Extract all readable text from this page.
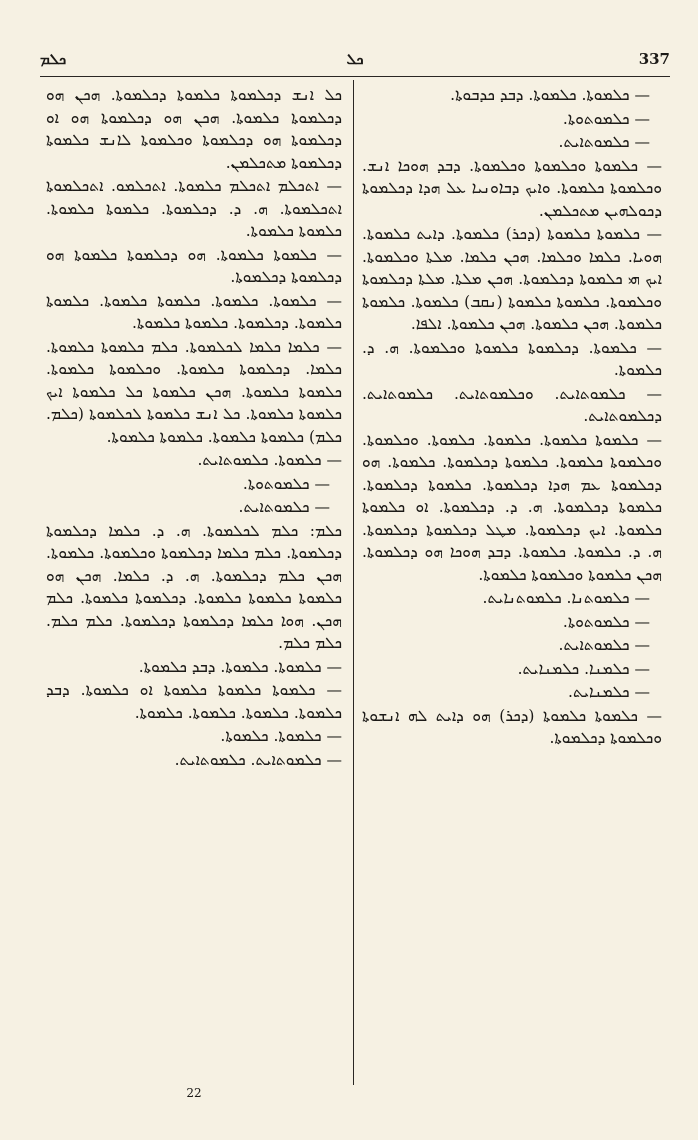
ܟܠܡ	ܟܠ	337

— ܟܠܡܘܬܐ. ܟܠܡܘܬܐ. ܕܒܕ ܟܕܒܘܬܐ.

— ܟܠܡܘܬܘܬܐ.

— ܟܠܡܘܬܐܝܬ.

— ܟܠܡܘܬܐ ܘܟܠܡܘܬܐ ܘܟܠܡܘܬܐ. ܕܒܕ ܗܘܟܐ ܐܢܫ. ܘܟܠܡܘܬܐ ܟܠܡܘܬܐ. ܘܐܝܟ ܕܒܐܘܢܝܐ ܥܠ ܗܕܐ ܕܟܠܡܘܬܐ ܕܟܘܠܗܝܢ ܡܬܟܠܡܢ.

— ܟܠܡܘܬܐ ܟܠܡܘܬܐ (ܕܟܪ) ܟܠܡܘܬܐ. ܕܐܝܬ ܟܠܡܘܬܐ. ܗܘܝܐ. ܟܠܡܐ ܘܟܠܡܐ. ܗܟܢ ܟܠܡܐ. ܡܠܬܐ ܘܟܠܡܘܬܐ. ܐܝܟ ܗܝ ܟܠܡܘܬܐ ܕܟܠܡܘܬܐ. ܗܟܢ ܡܠܬܐ. ܡܠܬܐ ܕܟܠܡܘܬܐ ܘܟܠܡܘܬܐ. ܟܠܡܘܬܐ ܟܠܡܘܬܐ (ܢܩܒ) ܟܠܡܘܬܐ. ܟܠܡܘܬܐ ܟܠܡܘܬܐ. ܗܟܢ ܟܠܡܘܬܐ. ܗܟܢ ܟܠܡܘܬܐ. ܐܠܦܐ.

— ܟܠܡܘܬܐ. ܕܟܠܡܘܬܐ ܟܠܡܘܬܐ ܘܟܠܡܘܬܐ. ܗ. ܕ. ܟܠܡܘܬܐ.

— ܟܠܡܘܬܐܝܬ. ܘܟܠܡܘܬܐܝܬ. ܟܠܡܘܬܐܝܬ. ܕܟܠܡܘܬܐܝܬ.

— ܟܠܡܘܬܐ ܟܠܡܘܬܐ. ܟܠܡܘܬܐ. ܟܠܡܘܬܐ. ܘܟܠܡܘܬܐ. ܘܟܠܡܘܬܐ ܟܠܡܘܬܐ. ܟܠܡܘܬܐ ܕܟܠܡܘܬܐ. ܟܠܡܘܬܐ. ܗܘ ܕܟܠܡܘܬܐ ܥܡ ܗܕܐ ܕܟܠܡܘܬܐ. ܟܠܡܘܬܐ ܕܟܠܡܘܬܐ. ܟܠܡܘܬܐ ܕܟܠܡܘܬܐ. ܗ. ܕ. ܕܟܠܡܘܬܐ. ܐܘ ܟܠܡܘܬܐ ܟܠܡܘܬܐ. ܐܝܟ ܕܟܠܡܘܬܐ. ܡܛܠ ܕܟܠܡܘܬܐ ܕܟܠܡܘܬܐ. ܗ. ܕ. ܟܠܡܘܬܐ. ܟܠܡܘܬܐ. ܕܒܕ ܗܘܟܐ ܗܘ ܕܟܠܡܘܬܐ. ܗܟܢ ܟܠܡܘܬܐ ܘܟܠܡܘܬܐ ܟܠܡܘܬܐ.

— ܟܠܡܘܬܢܐ. ܟܠܡܘܬܢܐܝܬ.

— ܟܠܡܘܬܘܬܐ.

— ܟܠܡܘܬܐܝܬ.

— ܟܠܡܢܐ. ܟܠܡܢܐܝܬ.

— ܟܠܡܢܐܝܬ.

— ܟܠܡܘܬܐ ܟܠܡܘܬܐ (ܕܟܪ) ܗܘ ܕܐܝܬ ܠܗ ܐܢܫܘܬܐ ܘܟܠܡܘܬܐ ܕܟܠܡܘܬܐ.

ܟܠ ܐܢܫ ܕܟܠܡܘܬܐ ܟܠܡܘܬܐ ܕܟܠܡܘܬܐ. ܗܟܢ ܗܘ ܕܟܠܡܘܬܐ ܟܠܡܘܬܐ. ܗܟܢ ܗܘ ܕܟܠܡܘܬܐ ܗܘ ܐܘ ܕܟܠܡܘܬܐ ܗܘ ܕܟܠܡܘܬܐ ܘܟܠܡܘܬܐ ܠܐܢܫ ܟܠܡܘܬܐ ܕܟܠܡܘܬܐ ܡܬܟܠܡܢ.

— ܐܬܟܠܡ ܐܬܟܠܡ ܟܠܡܘܬܐ. ܐܬܟܠܡܘ. ܐܬܟܠܡܘܬܐ ܐܬܟܠܡܘܬܐ. ܗ. ܕ. ܕܟܠܡܘܬܐ. ܟܠܡܘܬܐ ܟܠܡܘܬܐ. ܟܠܡܘܬܐ ܟܠܡܘܬܐ.

— ܟܠܡܘܬܐ ܟܠܡܘܬܐ. ܗܘ ܕܟܠܡܘܬܐ ܟܠܡܘܬܐ ܗܘ ܕܟܠܡܘܬܐ ܕܟܠܡܘܬܐ.

— ܟܠܡܘܬܐ. ܟܠܡܘܬܐ. ܟܠܡܘܬܐ ܟܠܡܘܬܐ. ܟܠܡܘܬܐ ܟܠܡܘܬܐ. ܕܟܠܡܘܬܐ. ܟܠܡܘܬܐ ܟܠܡܘܬܐ.

— ܟܠܡܐ ܟܠܡܐ ܠܟܠܡܘܬܐ. ܟܠܡ ܟܠܡܘܬܐ ܟܠܡܘܬܐ. ܟܠܡܐ. ܕܟܠܡܘܬܐ ܟܠܡܘܬܐ. ܘܟܠܡܘܬܐ ܟܠܡܘܬܐ. ܟܠܡܘܬܐ ܟܠܡܘܬܐ. ܗܟܢ ܟܠܡܘܬܐ ܟܠ ܟܠܡܘܬܐ ܐܝܟ ܟܠܡܘܬܐ ܟܠܡܘܬܐ. ܟܠ ܐܢܫ ܟܠܡܘܬܐ ܠܟܠܡܘܬܐ (ܟܠܡ. ܟܠܡ) ܟܠܡܘܬܐ ܟܠܡܘܬܐ. ܟܠܡܘܬܐ ܟܠܡܘܬܐ.

— ܟܠܡܘܬܐ. ܟܠܡܘܬܐܝܬ.

— ܟܠܡܘܬܘܬܐ.

— ܟܠܡܘܬܐܝܬ.

ܟܠܡ: ܟܠܡ ܠܟܠܡܘܬܐ. ܗ. ܕ. ܟܠܡܐ ܕܟܠܡܘܬܐ ܕܟܠܡܘܬܐ. ܟܠܡ ܟܠܡܐ ܕܟܠܡܘܬܐ ܘܟܠܡܘܬܐ. ܟܠܡܘܬܐ. ܗܟܢ ܟܠܡ ܕܟܠܡܘܬܐ. ܗ. ܕ. ܟܠܡܐ. ܗܟܢ ܗܘ ܟܠܡܘܬܐ ܟܠܡܘܬܐ ܟܠܡܘܬܐ. ܕܟܠܡܘܬܐ ܟܠܡܘܬܐ. ܟܠܡ ܗܟܢ. ܗܘܐ ܟܠܡܐ ܕܟܠܡܘܬܐ ܕܟܠܡܘܬܐ. ܟܠܡ ܟܠܡ. ܟܠܡ ܟܠܡ.

— ܟܠܡܘܬܐ. ܟܠܡܘܬܐ. ܕܒܕ ܟܠܡܘܬܐ.

— ܟܠܡܘܬܐ ܟܠܡܘܬܐ ܟܠܡܘܬܐ ܐܘ ܟܠܡܘܬܐ. ܕܒܕ ܟܠܡܘܬܐ. ܟܠܡܘܬܐ. ܟܠܡܘܬܐ. ܟܠܡܘܬܐ.

— ܟܠܡܘܬܐ. ܟܠܡܘܬܐ.

— ܟܠܡܘܬܐܝܬ. ܟܠܡܘܬܐܝܬ.

22
